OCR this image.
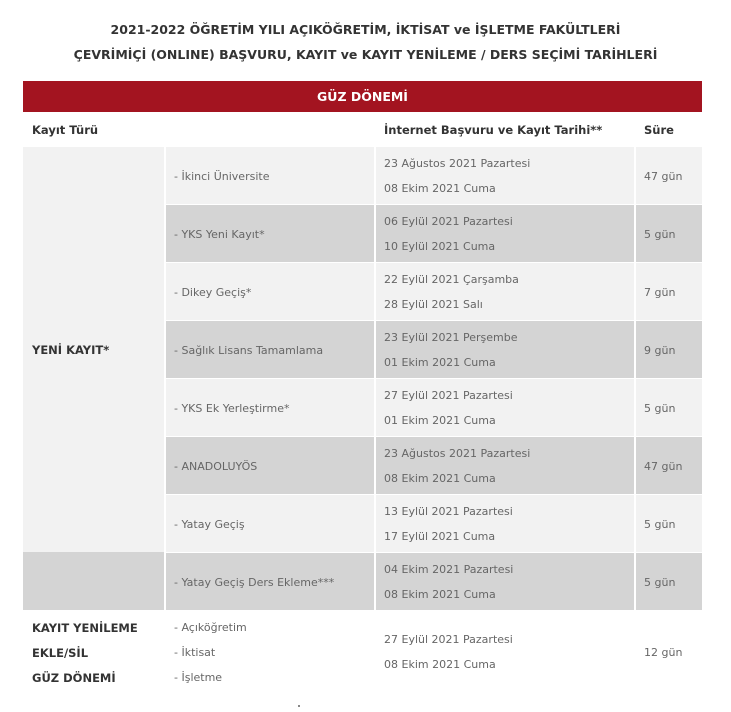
2021-2022 ÖĞRETİM YILI AÇIKÖĞRETİM, İKTİSAT ve İŞLETME FAKÜLTLERİ
ÇEVRİMİÇİ (ONLINE) BAŞVURU, KAYIT ve KAYIT YENİLEME / DERS SEÇİMİ TARİHLERİ
GÜZ DÖNEMİ
Kayıt Türü	İnternet Başvuru ve Kayıt Tarihi**	Süre
- İkinci Üniversite
23 Ağustos 2021 Pazartesi
08 Ekim 2021 Cuma
47 gün
- YKS Yeni Kayıt*
06 Eylül 2021 Pazartesi
10 Eylül 2021 Cuma
5 gün
- Dikey Geçiş*
22 Eylül 2021 Çarşamba
28 Eylül 2021 Salı
7 gün
- Sağlık Lisans Tamamlama
23 Eylül 2021 Perşembe
01 Ekim 2021 Cuma
9 gün
- YKS Ek Yerleştirme*
27 Eylül 2021 Pazartesi
01 Ekim 2021 Cuma
5 gün
- ANADOLUYÖS
23 Ağustos 2021 Pazartesi
08 Ekim 2021 Cuma
47 gün
- Yatay Geçiş
13 Eylül 2021 Pazartesi
17 Eylül 2021 Cuma
5 gün
- Yatay Geçiş Ders Ekleme***
04 Ekim 2021 Pazartesi
08 Ekim 2021 Cuma
5 gün
YENİ KAYIT*
KAYIT YENİLEME
EKLE/SİL
GÜZ DÖNEMİ
- Açıköğretim
- İktisat
- İşletme
27 Eylül 2021 Pazartesi
08 Ekim 2021 Cuma
12 gün
